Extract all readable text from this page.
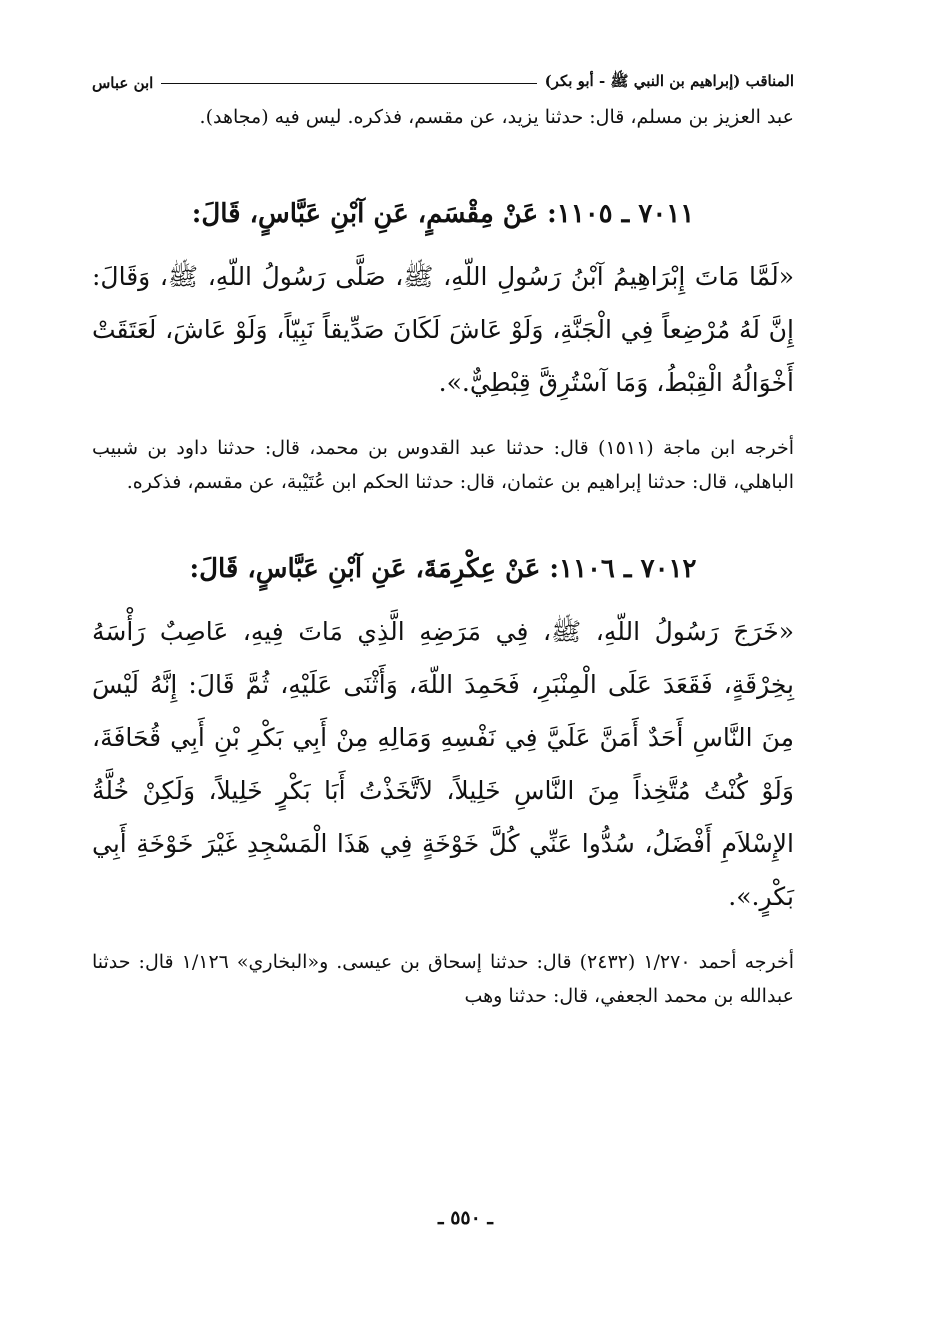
المناقب (إبراهيم بن النبي ﷺ - أبو بكر)
ابن عباس
عبد العزيز بن مسلم، قال: حدثنا يزيد، عن مقسم، فذكره. ليس فيه (مجاهد).
٧٠١١ ـ ١١٠٥: عَنْ مِقْسَمٍ، عَنِ آبْنِ عَبَّاسٍ، قَالَ:
«لَمَّا مَاتَ إِبْرَاهِيمُ آبْنُ رَسُولِ اللّهِ، ﷺ، صَلَّى رَسُولُ اللّهِ، ﷺ، وَقَالَ: إِنَّ لَهُ مُرْضِعاً فِي الْجَنَّةِ، وَلَوْ عَاشَ لَكَانَ صَدِّيقاً نَبِيّاً، وَلَوْ عَاشَ، لَعَتَقَتْ أَخْوَالُهُ الْقِبْطُ، وَمَا آسْتُرِقَّ قِبْطِيٌّ.».
أخرجه ابن ماجة (١٥١١) قال: حدثنا عبد القدوس بن محمد، قال: حدثنا داود بن شبيب الباهلي، قال: حدثنا إبراهيم بن عثمان، قال: حدثنا الحكم ابن عُتَيْبة، عن مقسم، فذكره.
٧٠١٢ ـ ١١٠٦: عَنْ عِكْرِمَةَ، عَنِ آبْنِ عَبَّاسٍ، قَالَ:
«خَرَجَ رَسُولُ اللّهِ، ﷺ، فِي مَرَضِهِ الَّذِي مَاتَ فِيهِ، عَاصِبٌ رَأْسَهُ بِخِرْقَةٍ، فَقَعَدَ عَلَى الْمِنْبَرِ، فَحَمِدَ اللّهَ، وَأَثْنَى عَلَيْهِ، ثُمَّ قَالَ: إِنَّهُ لَيْسَ مِنَ النَّاسِ أَحَدٌ أَمَنَّ عَلَيَّ فِي نَفْسِهِ وَمَالِهِ مِنْ أَبِي بَكْرِ بْنِ أَبِي قُحَافَةَ، وَلَوْ كُنْتُ مُتَّخِذاً مِنَ النَّاسِ خَلِيلاً، لاَتَّخَذْتُ أَبَا بَكْرٍ خَلِيلاً، وَلَكِنْ خُلَّةُ الإِسْلاَمِ أَفْضَلُ، سُدُّوا عَنِّي كُلَّ خَوْخَةٍ فِي هَذَا الْمَسْجِدِ غَيْرَ خَوْخَةِ أَبِي بَكْرٍ.».
أخرجه أحمد ١/٢٧٠ (٢٤٣٢) قال: حدثنا إسحاق بن عيسى. و«البخاري» ١/١٢٦ قال: حدثنا عبدالله بن محمد الجعفي، قال: حدثنا وهب
ـ ٥٥٠ ـ
